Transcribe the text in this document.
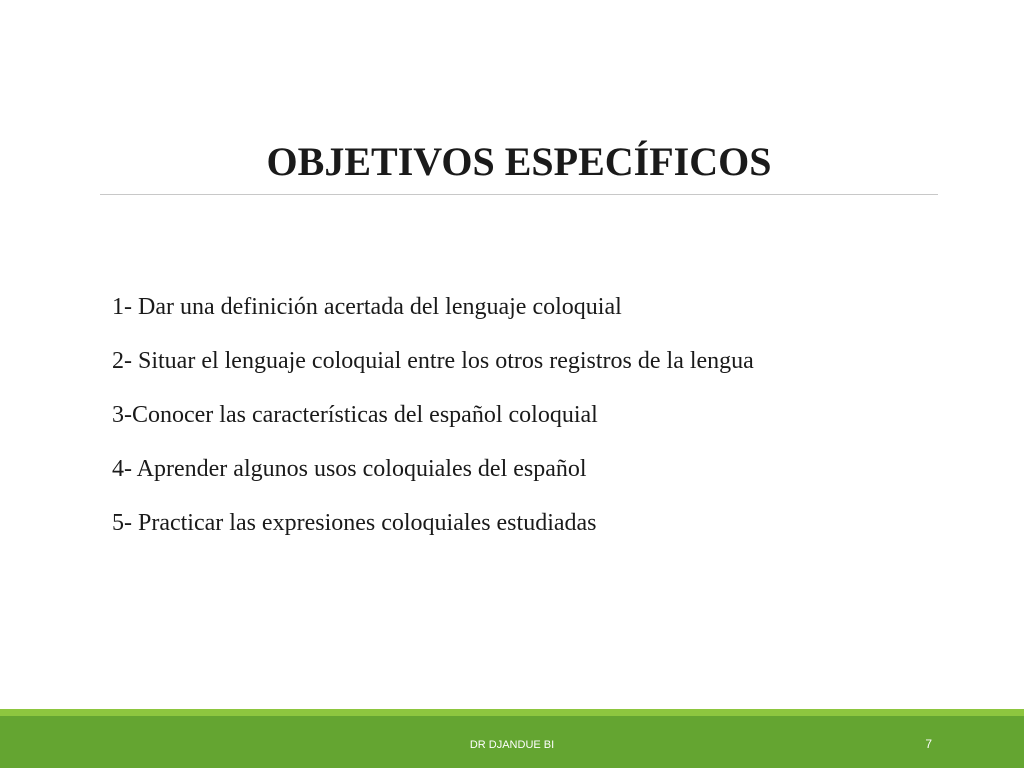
OBJETIVOS ESPECÍFICOS
1- Dar una definición acertada del lenguaje coloquial
2- Situar el lenguaje coloquial entre los otros registros de la lengua
3-Conocer las características del español coloquial
4- Aprender algunos usos coloquiales del español
5- Practicar las expresiones coloquiales estudiadas
DR DJANDUE BI	7
